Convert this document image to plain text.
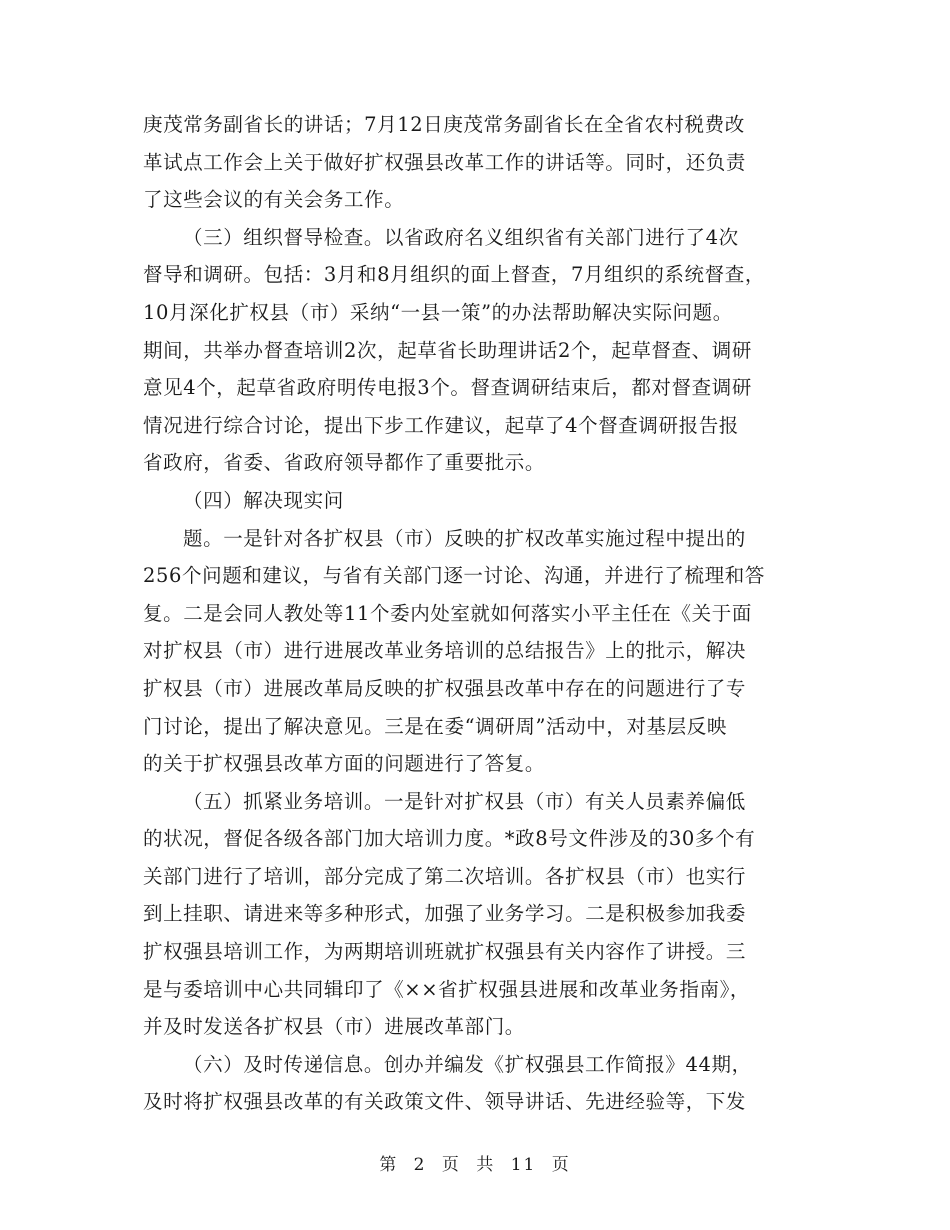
庚茂常务副省长的讲话；7月12日庚茂常务副省长在全省农村税费改
革试点工作会上关于做好扩权强县改革工作的讲话等。同时，还负责
了这些会议的有关会务工作。
（三）组织督导检查。以省政府名义组织省有关部门进行了4次
督导和调研。包括：3月和8月组织的面上督查，7月组织的系统督查，
10月深化扩权县（市）采纳“一县一策”的办法帮助解决实际问题。
期间，共举办督查培训2次，起草省长助理讲话2个，起草督查、调研
意见4个，起草省政府明传电报3个。督查调研结束后，都对督查调研
情况进行综合讨论，提出下步工作建议，起草了4个督查调研报告报
省政府，省委、省政府领导都作了重要批示。
（四）解决现实问
题。一是针对各扩权县（市）反映的扩权改革实施过程中提出的
256个问题和建议，与省有关部门逐一讨论、沟通，并进行了梳理和答
复。二是会同人教处等11个委内处室就如何落实小平主任在《关于面
对扩权县（市）进行进展改革业务培训的总结报告》上的批示，解决
扩权县（市）进展改革局反映的扩权强县改革中存在的问题进行了专
门讨论，提出了解决意见。三是在委“调研周”活动中，对基层反映
的关于扩权强县改革方面的问题进行了答复。
（五）抓紧业务培训。一是针对扩权县（市）有关人员素养偏低
的状况，督促各级各部门加大培训力度。*政8号文件涉及的30多个有
关部门进行了培训，部分完成了第二次培训。各扩权县（市）也实行
到上挂职、请进来等多种形式，加强了业务学习。二是积极参加我委
扩权强县培训工作，为两期培训班就扩权强县有关内容作了讲授。三
是与委培训中心共同辑印了《××省扩权强县进展和改革业务指南》，
并及时发送各扩权县（市）进展改革部门。
（六）及时传递信息。创办并编发《扩权强县工作简报》44期，
及时将扩权强县改革的有关政策文件、领导讲话、先进经验等，下发
第 2 页 共 11 页
